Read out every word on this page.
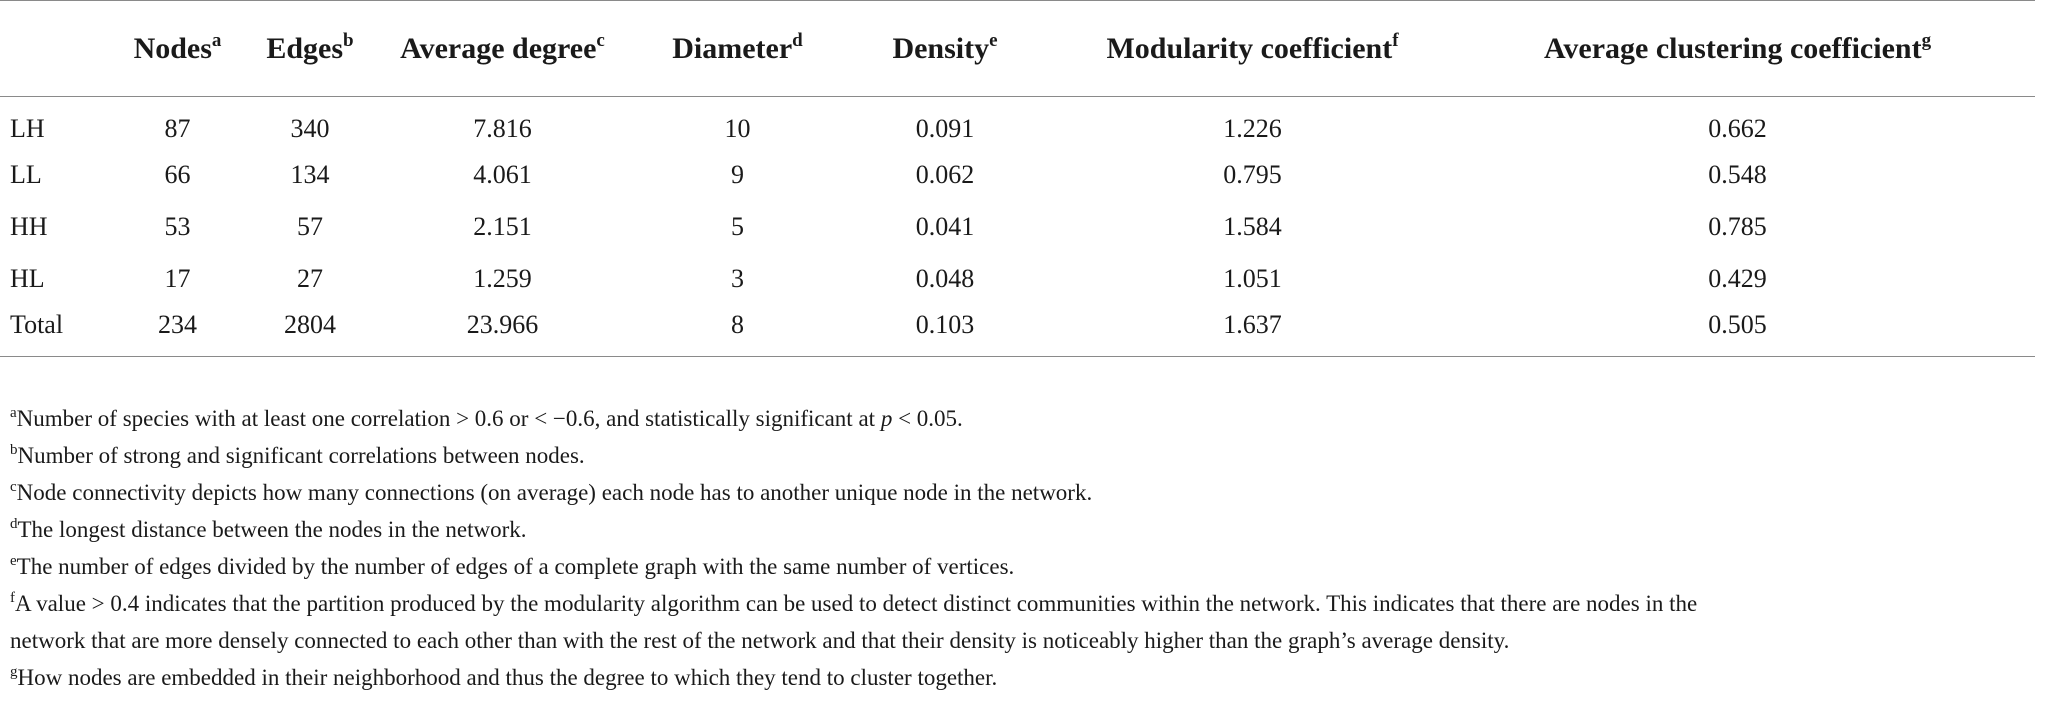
	Nodes$^a$	Edges$^b$	Average degree$^c$	Diameter$^d$	Density$^e$	Modularity coefficient$^f$	Average clustering coefficient$^g$
LH	87	340	7.816	10	0.091	1.226	0.662
LL	66	134	4.061	9	0.062	0.795	0.548
HH	53	57	2.151	5	0.041	1.584	0.785
HL	17	27	1.259	3	0.048	1.051	0.429
Total	234	2804	23.966	8	0.103	1.637	0.505

$^a$Number of species with at least one correlation > 0.6 or < −0.6, and statistically significant at p < 0.05.

$^b$Number of strong and significant correlations between nodes.

$^c$Node connectivity depicts how many connections (on average) each node has to another unique node in the network.

$^d$The longest distance between the nodes in the network.

$^e$The number of edges divided by the number of edges of a complete graph with the same number of vertices.

$^f$A value > 0.4 indicates that the partition produced by the modularity algorithm can be used to detect distinct communities within the network. This indicates that there are nodes in the
network that are more densely connected to each other than with the rest of the network and that their density is noticeably higher than the graph’s average density.

$^g$How nodes are embedded in their neighborhood and thus the degree to which they tend to cluster together.
